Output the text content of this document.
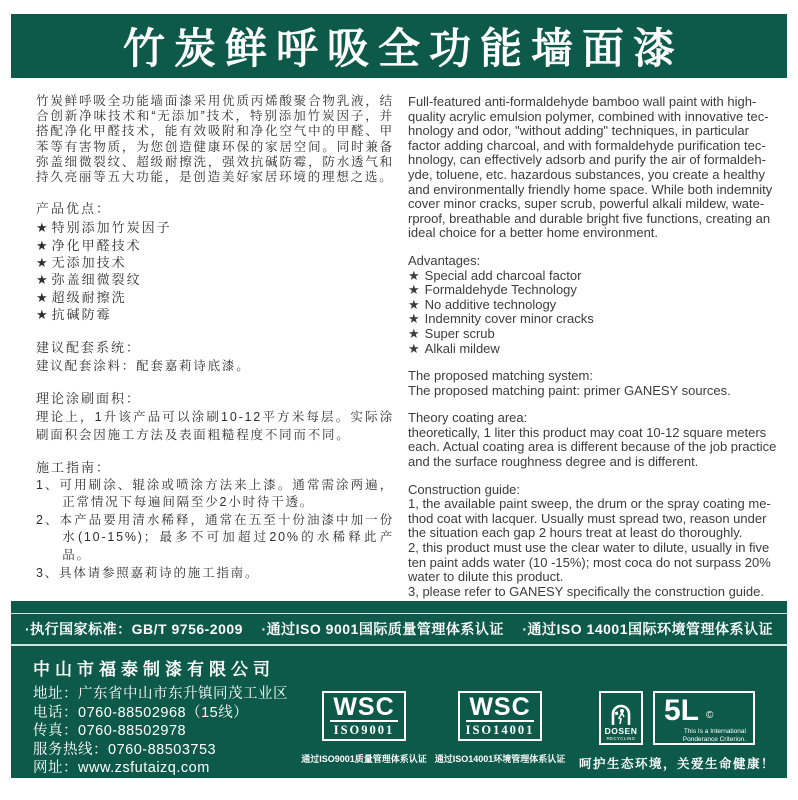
竹炭鲜呼吸全功能墙面漆
竹炭鲜呼吸全功能墙面漆采用优质丙烯酸聚合物乳液，结合创新净味技术和“无添加”技术，特别添加竹炭因子，并搭配净化甲醛技术，能有效吸附和净化空气中的甲醛、甲苯等有害物质，为您创造健康环保的家居空间。同时兼备弥盖细微裂纹、超级耐擦洗，强效抗碱防霉，防水透气和持久亮丽等五大功能，是创造美好家居环境的理想之选。
产品优点：
★ 特别添加竹炭因子
★ 净化甲醛技术
★ 无添加技术
★ 弥盖细微裂纹
★ 超级耐擦洗
★ 抗碱防霉
建议配套系统：
建议配套涂料：配套嘉莉诗底漆。
理论涂刷面积：
理论上，1升该产品可以涂刷10-12平方米每层。实际涂刷面积会因施工方法及表面粗糙程度不同而不同。
施工指南：
1、可用刷涂、辊涂或喷涂方法来上漆。通常需涂两遍，正常情况下每遍间隔至少2小时待干透。
2、本产品要用清水稀释，通常在五至十份油漆中加一份水(10-15%)；最多不可加超过20%的水稀释此产品。
3、具体请参照嘉莉诗的施工指南。
Full-featured anti-formaldehyde bamboo wall paint with high-
quality acrylic emulsion polymer, combined with innovative tec-
hnology and odor, "without adding" techniques, in particular
factor adding charcoal, and with formaldehyde purification tec-
hnology, can effectively adsorb and purify the air of formaldeh-
yde, toluene, etc. hazardous substances, you create a healthy
and environmentally friendly home space. While both indemnity
cover minor cracks, super scrub, powerful alkali mildew, wate-
rproof, breathable and durable bright five functions, creating an
ideal choice for a better home environment.
Advantages:
★ Special add charcoal factor
★ Formaldehyde Technology
★ No additive technology
★ Indemnity cover minor cracks
★ Super scrub
★ Alkali mildew
The proposed matching system:
The proposed matching paint: primer GANESY sources.
Theory coating area:
theoretically, 1 liter this product may coat 10-12 square meters
each. Actual coating area is different because of the job practice
and the surface roughness degree and is different.
Construction guide:
1, the available paint sweep, the drum or the spray coating me-
thod coat with lacquer. Usually must spread two, reason under
the situation each gap 2 hours treat at least do thoroughly.
2, this product must use the clear water to dilute, usually in five
ten paint adds water (10 -15%); most coca do not surpass 20%
water to dilute this product.
3, please refer to GANESY specifically the construction guide.
·执行国家标准：GB/T 9756-2009 ·通过ISO 9001国际质量管理体系认证 ·通过ISO 14001国际环境管理体系认证
中山市福泰制漆有限公司
地址：广东省中山市东升镇同茂工业区
电话：0760-88502968（15线）
传真：0760-88502978
服务热线：0760-88503753
网址：www.zsfutaizq.com
WSC
ISO9001
通过ISO9001质量管理体系认证
WSC
ISO14001
通过ISO14001环境管理体系认证
DOSEN
RECYCLING
5L ©
This Is a International
Ponderance Criterion.
呵护生态环境，关爱生命健康！
